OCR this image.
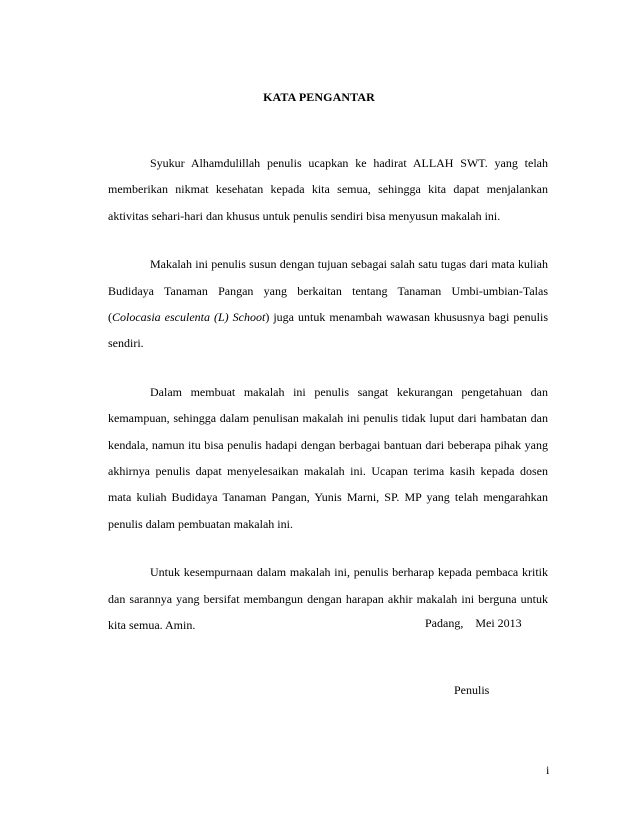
KATA PENGANTAR

Syukur Alhamdulillah penulis ucapkan ke hadirat ALLAH SWT. yang telah memberikan nikmat kesehatan kepada kita semua, sehingga kita dapat menjalankan aktivitas sehari-hari dan khusus untuk penulis sendiri bisa menyusun makalah ini.

Makalah ini penulis susun dengan tujuan sebagai salah satu tugas dari mata kuliah Budidaya Tanaman Pangan yang berkaitan tentang Tanaman Umbi-umbian-Talas (Colocasia esculenta (L) Schoot) juga untuk menambah wawasan khususnya bagi penulis sendiri.

Dalam membuat makalah ini penulis sangat kekurangan pengetahuan dan kemampuan, sehingga dalam penulisan makalah ini penulis tidak luput dari hambatan dan kendala, namun itu bisa penulis hadapi dengan berbagai bantuan dari beberapa pihak yang akhirnya penulis dapat menyelesaikan makalah ini. Ucapan terima kasih kepada dosen mata kuliah Budidaya Tanaman Pangan, Yunis Marni, SP. MP yang telah mengarahkan penulis dalam pembuatan makalah ini.

Untuk kesempurnaan dalam makalah ini, penulis berharap kepada pembaca kritik dan sarannya yang bersifat membangun dengan harapan akhir makalah ini berguna untuk kita semua. Amin.	Padang,    Mei 2013
Penulis
i
